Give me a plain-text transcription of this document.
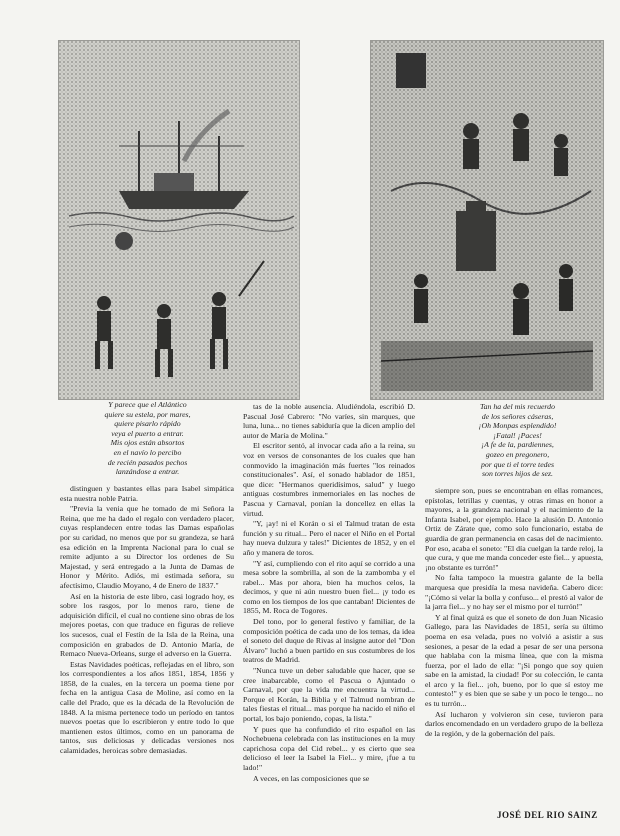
Y parece que el Atlántico
quiere su estela, por mares,
quiere pisarlo rápido
veya el puerto a entrar.
Mis ojos están absortos
en el navío lo percibo
de recién pasados pechos
lanzándose a entrar.
Tan ha del mis recuerdo
de los señores cáseras,
¡Oh Monpas esplendido!
¡Fatal! ¡Paces!
¡A fe de la, pardiennes,
gozeo en pregonero,
por que ti el torre tedes
son torres hijos de sez.

distinguen y bastantes ellas para Isabel simpática esta nuestra noble Patria.

"Previa la venia que he tomado de mi Señora la Reina, que me ha dado el regalo con verdadero placer, cuyas resplandecen entre todas las Damas españolas por su caridad, no menos que por su grandeza, se hará esa edición en la Imprenta Nacional para lo cual se remite adjunto a su Director los ordenes de Su Majestad, y será entregado a la Junta de Damas de Honor y Mérito. Adiós, mi estimada señora, su afectísimo, Claudio Moyano, 4 de Enero de 1837."

Así en la historia de este libro, casi logrado hoy, es sobre los rasgos, por lo menos raro, tiene de adquisición difícil, el cual no contiene sino obras de los mejores poetas, con que traduce en figuras de relieve los sucesos, cual el Festín de la Isla de la Reina, una composición en grabados de D. Antonio María, de Remaco Nueva-Orleans, surge el adverso en la Guerra.

Estas Navidades poéticas, reflejadas en el libro, son los correspondientes a los años 1851, 1854, 1856 y 1858, de la cuales, en la tercera un poema tiene por fecha en la antigua Casa de Moline, así como en la calle del Prado, que es la década de la Revolución de 1848. A la misma pertenece todo un período en tantos nuevos poetas que lo escribieron y entre todo lo que mantienen estos últimos, como en un panorama de tantos, sus deliciosas y delicadas versiones nos calamidades, heroicas sobre demasiadas.

tas de la noble ausencia. Aludiéndola, escribió D. Pascual José Cabrero: "No varíes, sin marques, que luna, luna... no tienes sabiduría que la dicen amplio del autor de María de Molina."

El escritor sentó, al invocar cada año a la reina, su voz en versos de consonantes de los cuales que han conmovido la imaginación más fuertes "los reinados constitucionales". Así, el sonado hablador de 1851, que dice: "Hermanos queridísimos, salud" y luego antiguas costumbres inmemoriales en las noches de Pascua y Carnaval, ponían la doncellez en ellas la virtud.

"Y, ¡ay! ni el Korán o si el Talmud tratan de esta función y su ritual... Pero el nacer el Niño en el Portal hay nueva dulzura y tales!" Dicientes de 1852, y en el año y manera de toros.

"Y así, cumpliendo con el rito aquí se corrido a una mesa sobre la sombrilla, al son de la zambomba y el rabel... Mas por ahora, bien ha muchos celos, la decimos, y que ni aún nuestro buen fiel... ¡y todo es como en los tiempos de los que cantaban! Dicientes de 1855, M. Roca de Togores.

Del tono, por lo general festivo y familiar, de la composición poética de cada uno de los temas, da idea el soneto del duque de Rivas al insigne autor del "Don Álvaro" luchó a buen partido en sus costumbres de los teatros de Madrid.

"Nunca tuve un deber saludable que hacer, que se cree inabarcable, como el Pascua o Ajuntado o Carnaval, por que la vida me encuentra la virtud... Porque el Korán, la Biblia y el Talmud nombran de tales fiestas el ritual... mas porque ha nacido el niño el portal, los bajo poniendo, copas, la lista."

Y pues que ha confundido el rito español en las Nochebuena celebrada con las instituciones en la muy caprichosa copa del Cid rebel... y es cierto que sea delicioso el leer la Isabel la Fiel... y mire, ¡fue a tu lado!"

A veces, en las composiciones que se

siempre son, pues se encontraban en ellas romances, epístolas, letrillas y cuentas, y otras rimas en honor a mayores, a la grandeza nacional y el nacimiento de la Infanta Isabel, por ejemplo. Hace la alusión D. Antonio Ortiz de Zárate que, como solo funcionario, estaba de guardia de gran permanencia en casas del de nacimiento. Por eso, acaba el soneto: "El día cuelgan la tarde reloj, la que cura, y que me manda conceder este fiel... y apuesta, ¡no obstante es turrón!"

No falta tampoco la muestra galante de la bella marquesa que presidía la mesa navideña. Cabero dice: "¡Cómo si velar la bolla y confuso... el prestó al valor de la jarra fiel... y no hay ser el mismo por el turrón!"

Y al final quizá es que el soneto de don Juan Nicasio Gallego, para las Navidades de 1851, sería su último poema en esa velada, pues no volvió a asistir a sus sesiones, a pesar de la edad a pesar de ser una persona que hablaba con la misma línea, que con la misma fuerza, por el lado de ella: "¡Si pongo que soy quien sabe en la amistad, la ciudad! Por su colección, le canta el arco y la fiel... ¡oh, bueno, por lo que sí estoy me contesto!" y es bien que se sabe y un poco le tengo... no es tu turrón...

Así lucharon y volvieron sin cese, tuvieron para darlos encomendado en un verdadero grupo de la belleza de la región, y de la gobernación del país.

JOSÉ DEL RIO SAINZ
